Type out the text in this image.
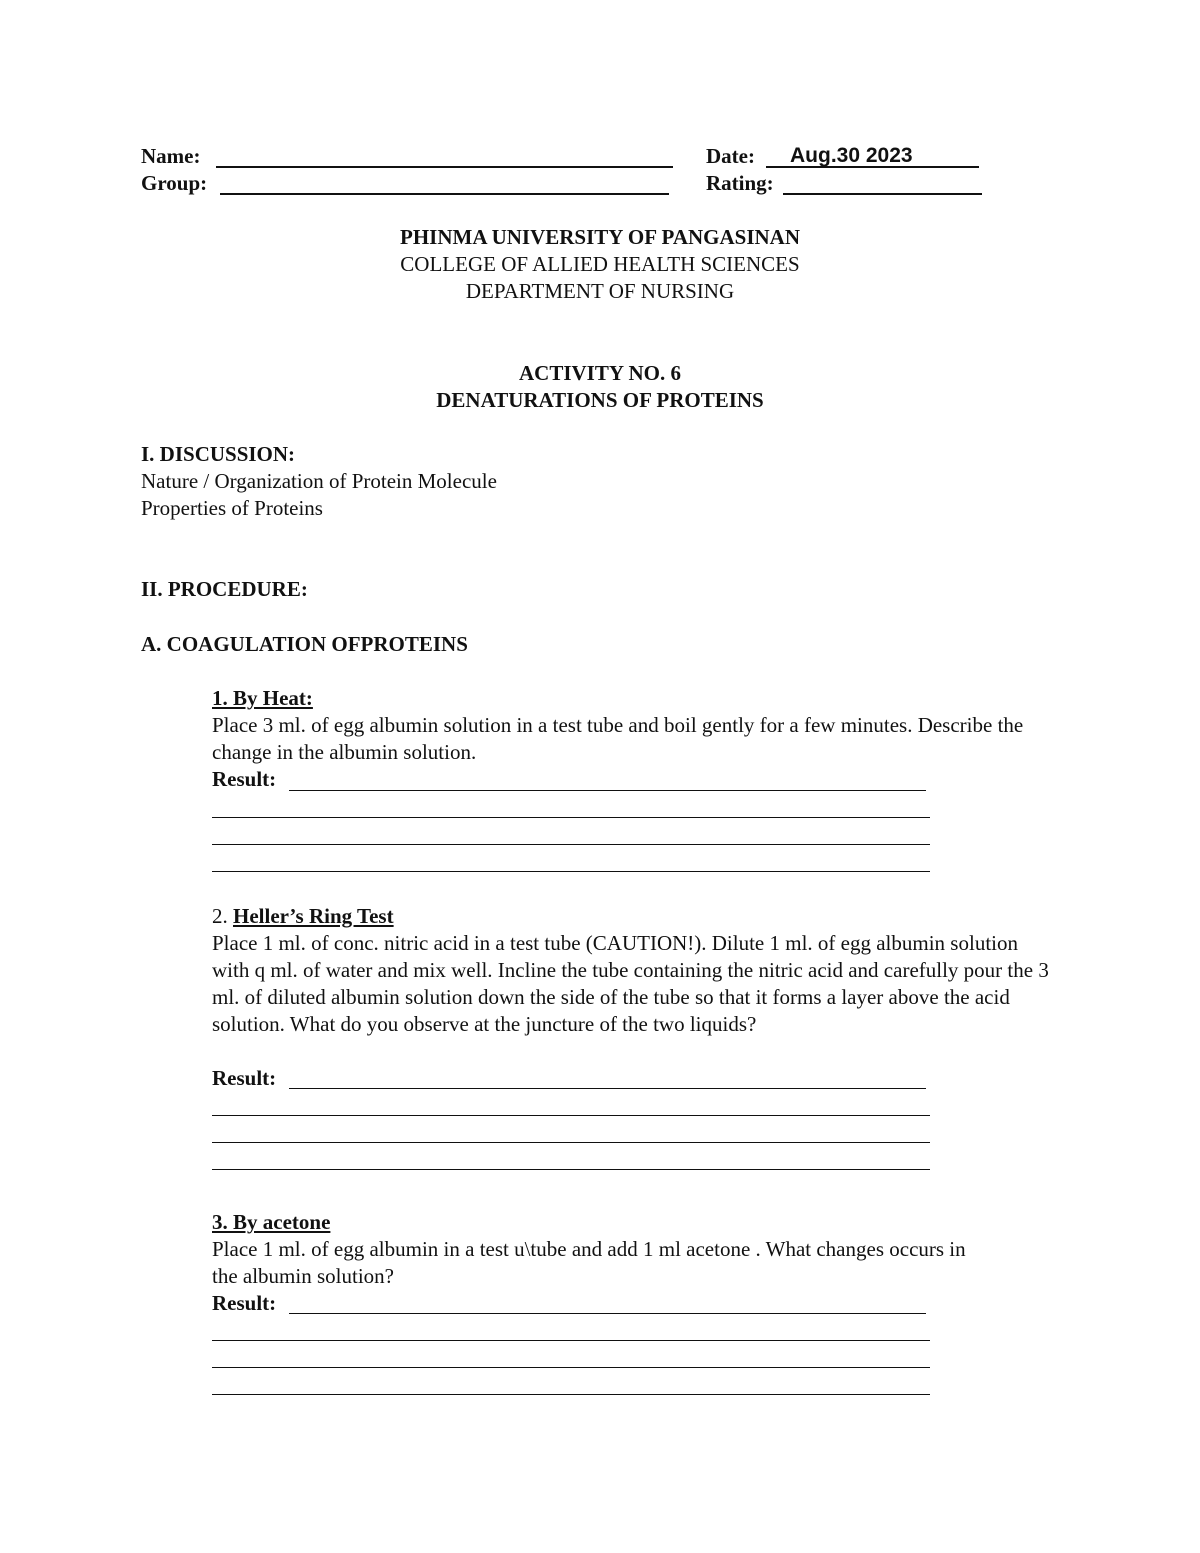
Name:
Group:
Date: Aug.30 2023
Rating:
PHINMA UNIVERSITY OF PANGASINAN
COLLEGE OF ALLIED HEALTH SCIENCES
DEPARTMENT OF NURSING
ACTIVITY NO. 6
DENATURATIONS OF PROTEINS
I. DISCUSSION:
Nature / Organization of Protein Molecule
Properties of Proteins
II. PROCEDURE:
A. COAGULATION OFPROTEINS
1. By Heat:
Place 3 ml. of egg albumin solution in a test tube and boil gently for a few minutes. Describe the change in the albumin solution.
Result:
2. Heller’s Ring Test
Place 1 ml. of conc. nitric acid in a test tube (CAUTION!). Dilute 1 ml. of egg albumin solution with q ml. of water and mix well. Incline the tube containing the nitric acid and carefully pour the 3 ml. of diluted albumin solution down the side of the tube so that it forms a layer above the acid solution. What do you observe at the juncture of the two liquids?
Result:
3. By acetone
Place 1 ml. of egg albumin in a test u\tube and add 1 ml acetone . What changes occurs in the albumin solution?
Result:
